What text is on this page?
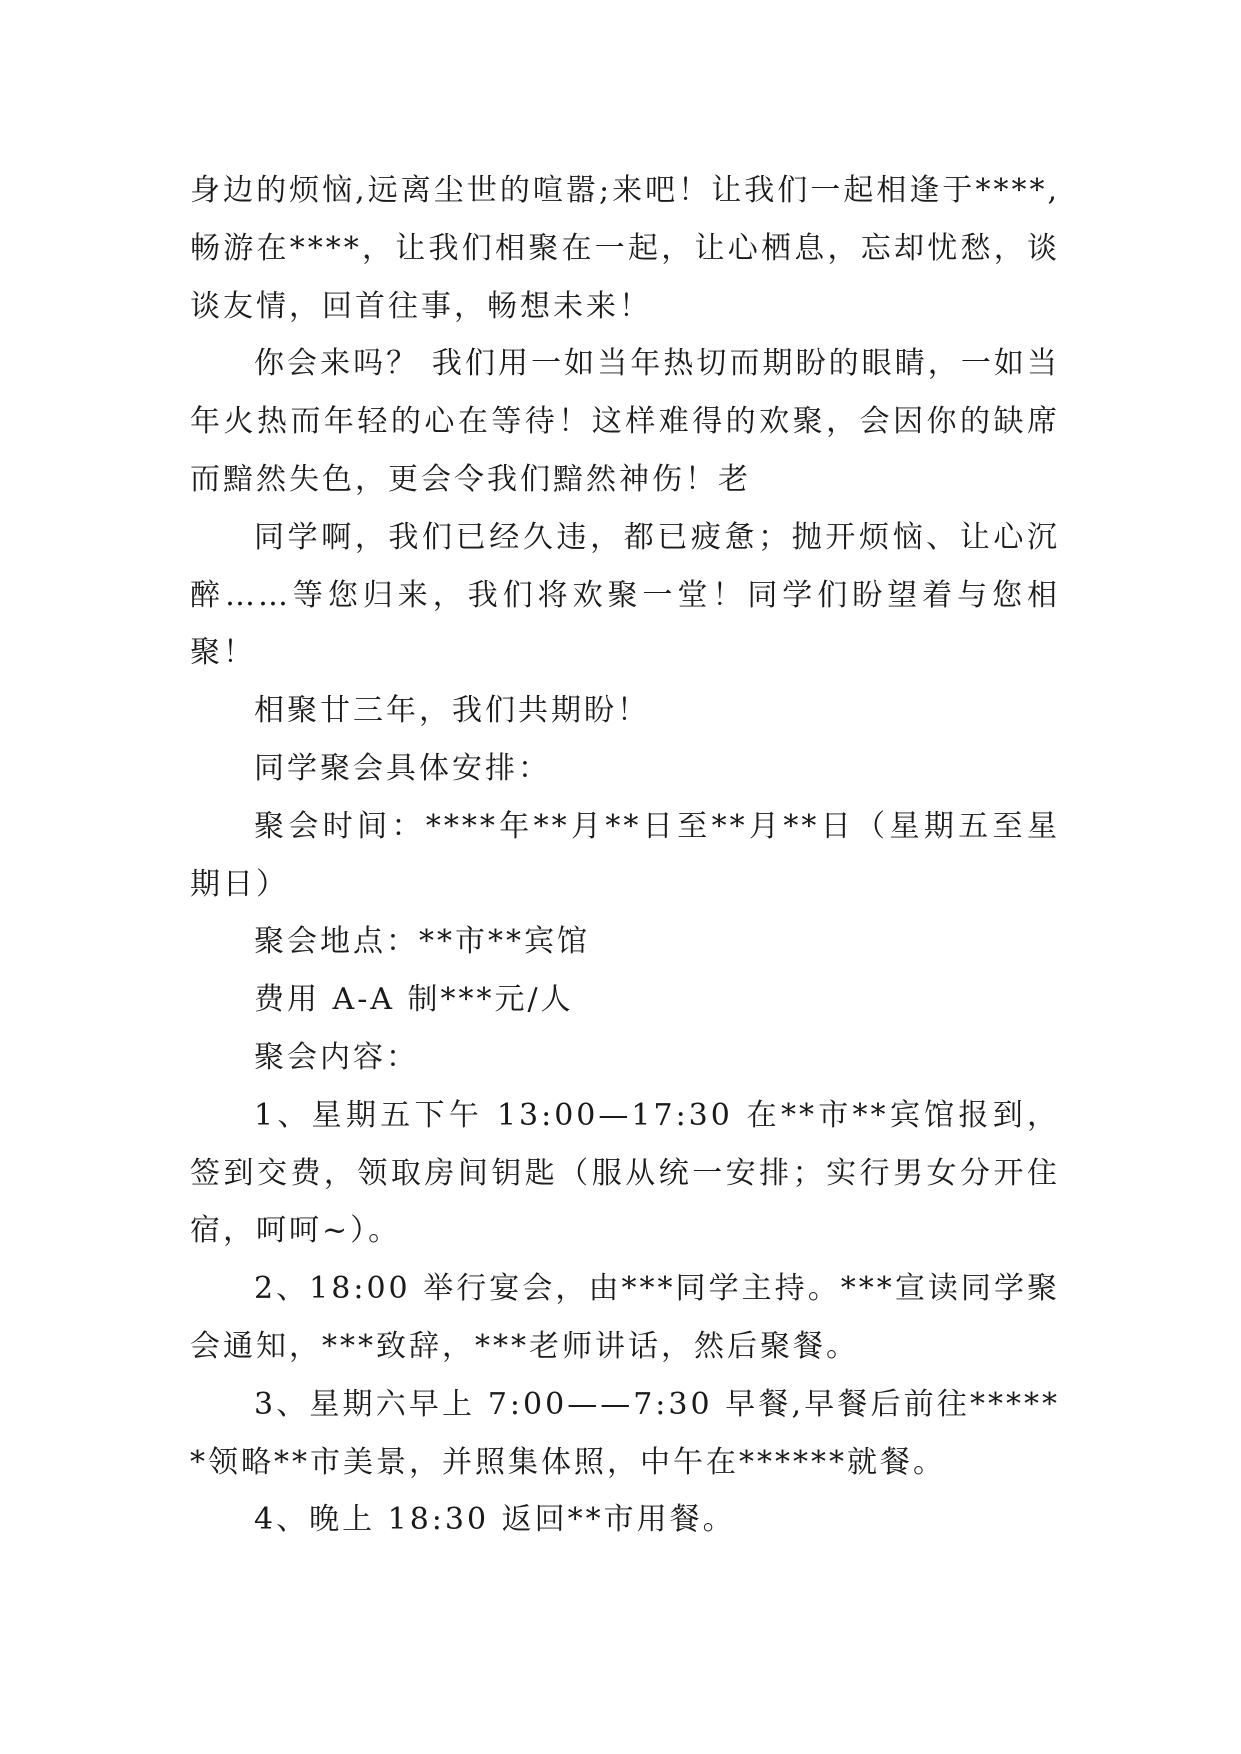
身边的烦恼,远离尘世的喧嚣;来吧！让我们一起相逢于****,畅游在****，让我们相聚在一起，让心栖息，忘却忧愁，谈谈友情，回首往事，畅想未来！

你会来吗？ 我们用一如当年热切而期盼的眼睛，一如当年火热而年轻的心在等待！这样难得的欢聚，会因你的缺席而黯然失色，更会令我们黯然神伤！老

同学啊，我们已经久违，都已疲惫；抛开烦恼、让心沉醉……等您归来，我们将欢聚一堂！同学们盼望着与您相聚！

相聚廿三年，我们共期盼！

同学聚会具体安排：

聚会时间：****年**月**日至**月**日（星期五至星期日）

聚会地点：**市**宾馆

费用 A-A 制***元/人

聚会内容：

1、星期五下午 13:00—17:30 在**市**宾馆报到，签到交费，领取房间钥匙（服从统一安排；实行男女分开住宿，呵呵~）。

2、18:00 举行宴会，由***同学主持。***宣读同学聚会通知，***致辞，***老师讲话，然后聚餐。

3、星期六早上 7:00——7:30 早餐,早餐后前往******领略**市美景，并照集体照，中午在******就餐。

4、晚上 18:30 返回**市用餐。
